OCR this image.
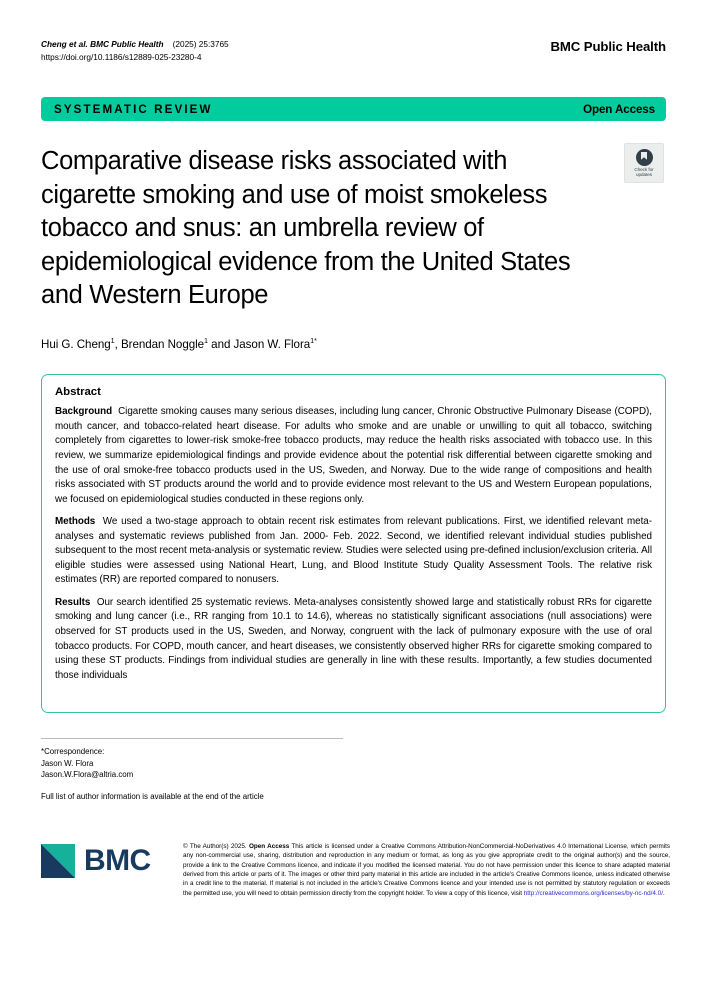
Cheng et al. BMC Public Health (2025) 25:3765
https://doi.org/10.1186/s12889-025-23280-4
BMC Public Health
SYSTEMATIC REVIEW	Open Access
Comparative disease risks associated with cigarette smoking and use of moist smokeless tobacco and snus: an umbrella review of epidemiological evidence from the United States and Western Europe
Check for
updates
Hui G. Cheng$^1$, Brendan Noggle$^1$ and Jason W. Flora$^{1*}$
Abstract

Background Cigarette smoking causes many serious diseases, including lung cancer, Chronic Obstructive Pulmonary Disease (COPD), mouth cancer, and tobacco-related heart disease. For adults who smoke and are unable or unwilling to quit all tobacco, switching completely from cigarettes to lower-risk smoke-free tobacco products, may reduce the health risks associated with tobacco use. In this review, we summarize epidemiological findings and provide evidence about the potential risk differential between cigarette smoking and the use of oral smoke-free tobacco products used in the US, Sweden, and Norway. Due to the wide range of compositions and health risks associated with ST products around the world and to provide evidence most relevant to the US and Western European populations, we focused on epidemiological studies conducted in these regions only.

Methods We used a two-stage approach to obtain recent risk estimates from relevant publications. First, we identified relevant meta-analyses and systematic reviews published from Jan. 2000- Feb. 2022. Second, we identified relevant individual studies published subsequent to the most recent meta-analysis or systematic review. Studies were selected using pre-defined inclusion/exclusion criteria. All eligible studies were assessed using National Heart, Lung, and Blood Institute Study Quality Assessment Tools. The relative risk estimates (RR) are reported compared to nonusers.

Results Our search identified 25 systematic reviews. Meta-analyses consistently showed large and statistically robust RRs for cigarette smoking and lung cancer (i.e., RR ranging from 10.1 to 14.6), whereas no statistically significant associations (null associations) were observed for ST products used in the US, Sweden, and Norway, congruent with the lack of pulmonary exposure with the use of oral tobacco products. For COPD, mouth cancer, and heart diseases, we consistently observed higher RRs for cigarette smoking compared to using these ST products. Findings from individual studies are generally in line with these results. Importantly, a few studies documented those individuals

*Correspondence:
Jason W. Flora
Jason.W.Flora@altria.com
Full list of author information is available at the end of the article
BMC	© The Author(s) 2025. Open Access This article is licensed under a Creative Commons Attribution-NonCommercial-NoDerivatives 4.0 International License, which permits any non-commercial use, sharing, distribution and reproduction in any medium or format, as long as you give appropriate credit to the original author(s) and the source, provide a link to the Creative Commons licence, and indicate if you modified the licensed material. You do not have permission under this licence to share adapted material derived from this article or parts of it. The images or other third party material in this article are included in the article's Creative Commons licence, unless indicated otherwise in a credit line to the material. If material is not included in the article's Creative Commons licence and your intended use is not permitted by statutory regulation or exceeds the permitted use, you will need to obtain permission directly from the copyright holder. To view a copy of this licence, visit http://creativecommons.org/licenses/by-nc-nd/4.0/.
